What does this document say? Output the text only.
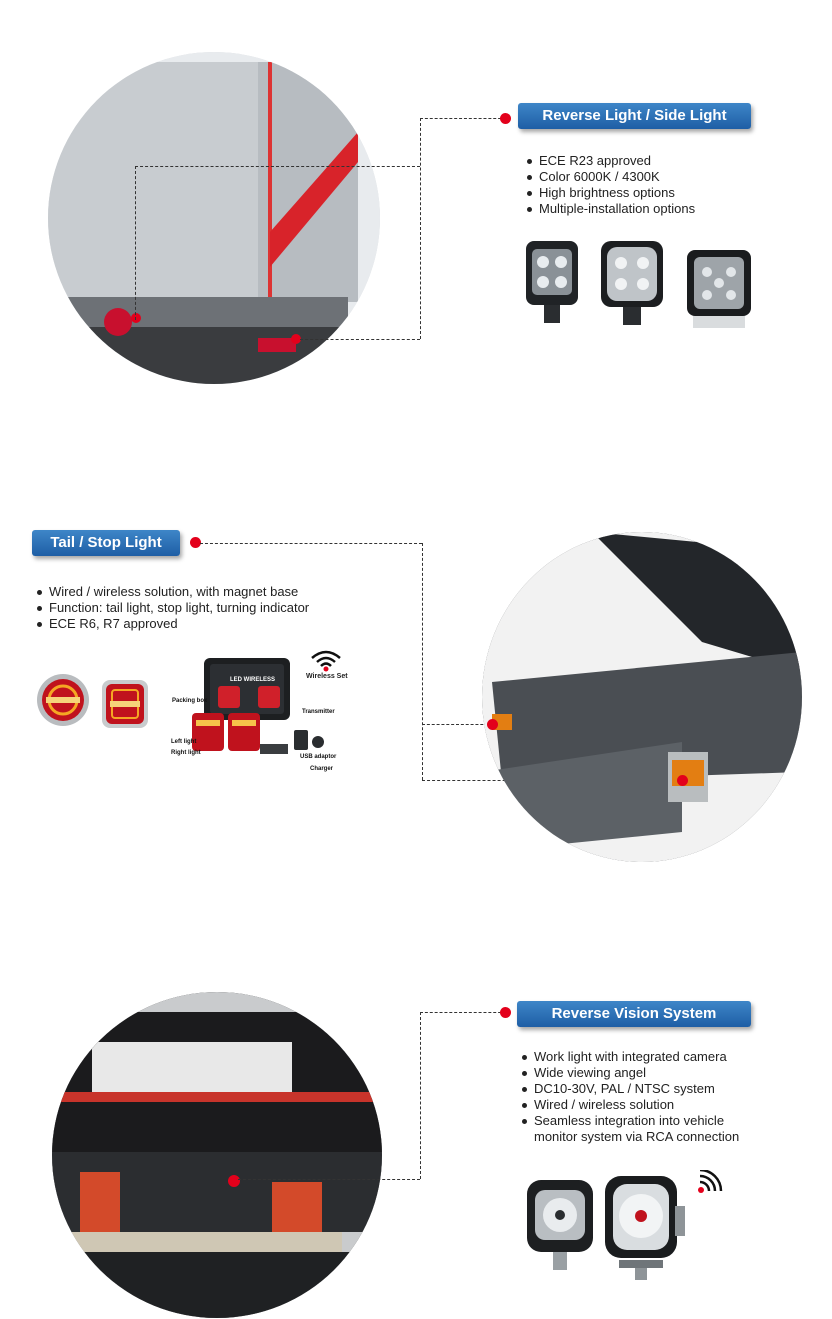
Reverse Light / Side Light
ECE R23 approved
Color 6000K / 4300K
High brightness options
Multiple-installation options
Tail / Stop Light
Wired / wireless solution, with magnet base
Function: tail light, stop light, turning indicator
ECE R6, R7 approved
LED WIRELESS
Packing box
Transmitter
Left light
Right light
USB adaptor
Charger
Wireless Set
Reverse Vision System
Work light with integrated camera
Wide viewing angel
DC10-30V, PAL / NTSC system
Wired / wireless solution
Seamless integration into vehicle monitor system via RCA connection
